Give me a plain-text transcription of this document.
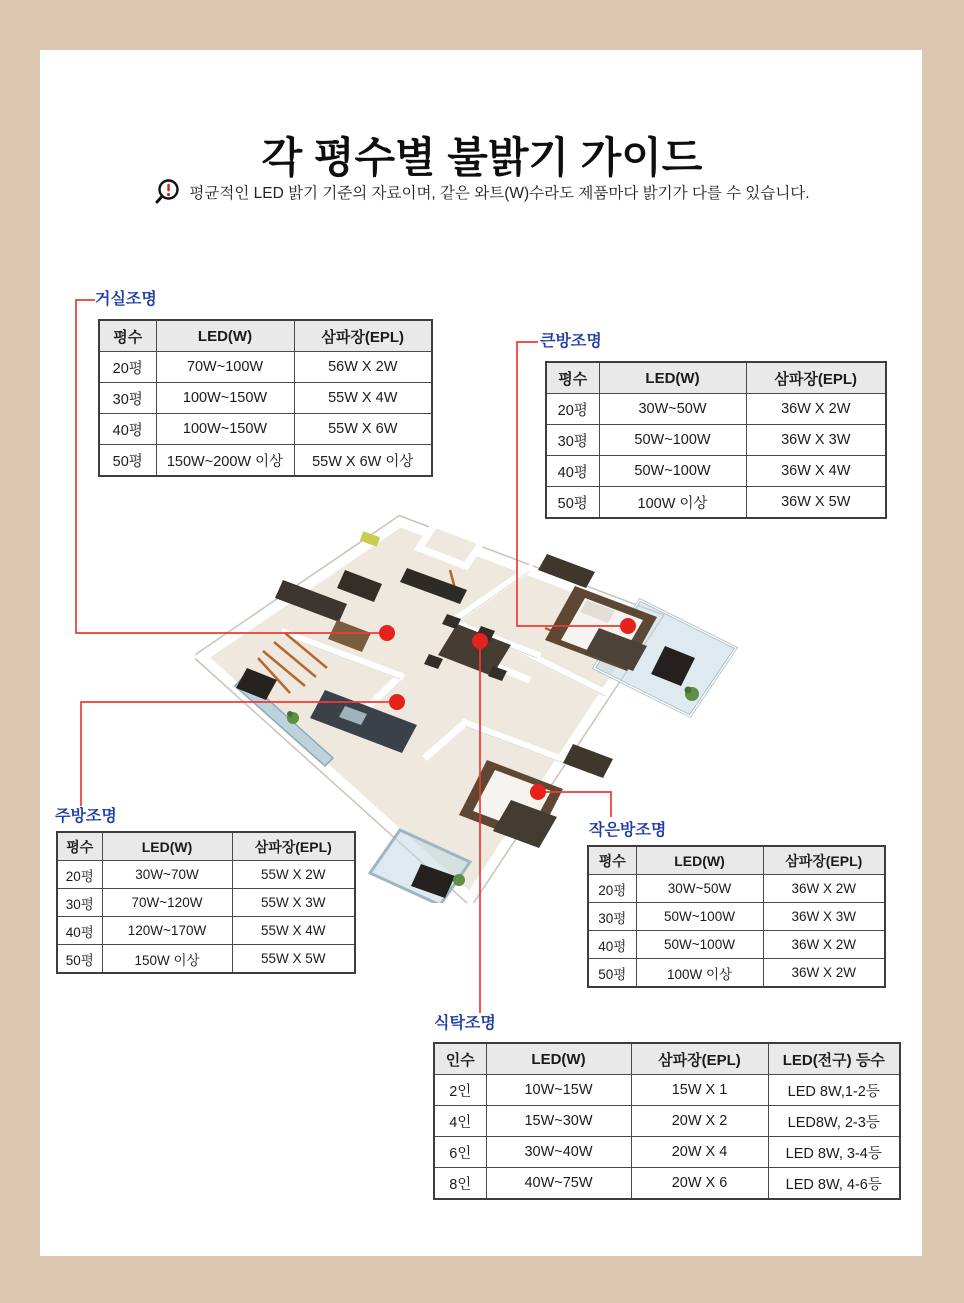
각 평수별 불밝기 가이드
평균적인 LED 밝기 기준의 자료이며, 같은 와트(W)수라도 제품마다 밝기가 다를 수 있습니다.
거실조명
평수	LED(W)	삼파장(EPL)
20평	70W~100W	56W X 2W
30평	100W~150W	55W X 4W
40평	100W~150W	55W X 6W
50평	150W~200W 이상	55W X 6W 이상
큰방조명
평수	LED(W)	삼파장(EPL)
20평	30W~50W	36W X 2W
30평	50W~100W	36W X 3W
40평	50W~100W	36W X 4W
50평	100W 이상	36W X 5W
주방조명
평수	LED(W)	삼파장(EPL)
20평	30W~70W	55W X 2W
30평	70W~120W	55W X 3W
40평	120W~170W	55W X 4W
50평	150W 이상	55W X 5W
작은방조명
평수	LED(W)	삼파장(EPL)
20평	30W~50W	36W X 2W
30평	50W~100W	36W X 3W
40평	50W~100W	36W X 2W
50평	100W 이상	36W X 2W
식탁조명
인수	LED(W)	삼파장(EPL)	LED(전구) 등수
2인	10W~15W	15W X 1	LED 8W,1-2등
4인	15W~30W	20W X 2	LED8W, 2-3등
6인	30W~40W	20W X 4	LED 8W, 3-4등
8인	40W~75W	20W X 6	LED 8W, 4-6등
